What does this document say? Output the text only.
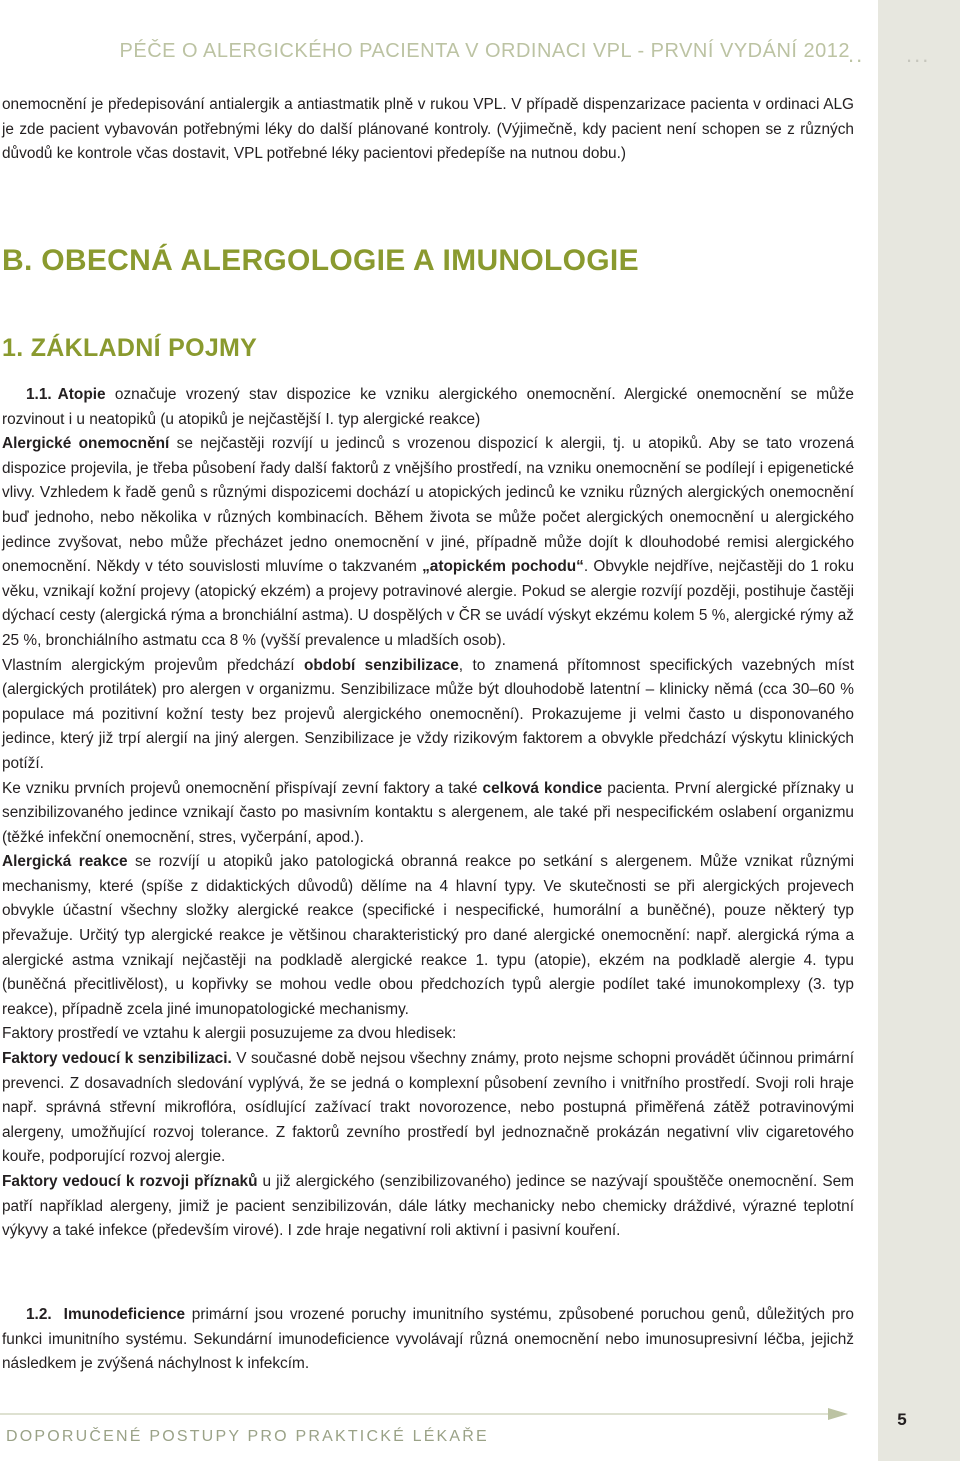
PÉČE O ALERGICKÉHO PACIENTA V ORDINACI VPL - PRVNÍ VYDÁNÍ 2012
.. ...

onemocnění je předepisování antialergik a antiastmatik plně v rukou VPL. V případě dispenzarizace pacienta v ordinaci ALG je zde pacient vybavován potřebnými léky do další plánované kontroly. (Výjimečně, kdy pacient není schopen se z různých důvodů ke kontrole včas dostavit, VPL potřebné léky pacientovi předepíše na nutnou dobu.)

B. OBECNÁ ALERGOLOGIE A IMUNOLOGIE
1. ZÁKLADNÍ POJMY

1.1. Atopie označuje vrozený stav dispozice ke vzniku alergického onemocnění. Alergické onemocnění se může rozvinout i u neatopiků (u atopiků je nejčastější I. typ alergické reakce)

Alergické onemocnění se nejčastěji rozvíjí u jedinců s vrozenou dispozicí k alergii, tj. u atopiků. Aby se tato vrozená dispozice projevila, je třeba působení řady další faktorů z vnějšího prostředí, na vzniku onemocnění se podílejí i epigenetické vlivy. Vzhledem k řadě genů s různými dispozicemi dochází u atopických jedinců ke vzniku různých alergických onemocnění buď jednoho, nebo několika v různých kombinacích. Během života se může počet alergických onemocnění u alergického jedince zvyšovat, nebo může přecházet jedno onemocnění v jiné, případně může dojít k dlouhodobé remisi alergického onemocnění. Někdy v této souvislosti mluvíme o takzvaném „atopickém pochodu“. Obvykle nejdříve, nejčastěji do 1 roku věku, vznikají kožní projevy (atopický ekzém) a projevy potravinové alergie. Pokud se alergie rozvíjí později, postihuje častěji dýchací cesty (alergická rýma a bronchiální astma). U dospělých v ČR se uvádí výskyt ekzému kolem 5 %, alergické rýmy až 25 %, bronchiálního astmatu cca 8 % (vyšší prevalence u mladších osob).

Vlastním alergickým projevům předchází období senzibilizace, to znamená přítomnost specifických vazebných míst (alergických protilátek) pro alergen v organizmu. Senzibilizace může být dlouhodobě latentní – klinicky němá (cca 30–60 % populace má pozitivní kožní testy bez projevů alergického onemocnění). Prokazujeme ji velmi často u disponovaného jedince, který již trpí alergií na jiný alergen. Senzibilizace je vždy rizikovým faktorem a obvykle předchází výskytu klinických potíží.

Ke vzniku prvních projevů onemocnění přispívají zevní faktory a také celková kondice pacienta. První alergické příznaky u senzibilizovaného jedince vznikají často po masivním kontaktu s alergenem, ale také při nespecifickém oslabení organizmu (těžké infekční onemocnění, stres, vyčerpání, apod.).

Alergická reakce se rozvíjí u atopiků jako patologická obranná reakce po setkání s alergenem. Může vznikat různými mechanismy, které (spíše z didaktických důvodů) dělíme na 4 hlavní typy. Ve skutečnosti se při alergických projevech obvykle účastní všechny složky alergické reakce (specifické i nespecifické, humorální a buněčné), pouze některý typ převažuje. Určitý typ alergické reakce je většinou charakteristický pro dané alergické onemocnění: např. alergická rýma a alergické astma vznikají nejčastěji na podkladě alergické reakce 1. typu (atopie), ekzém na podkladě alergie 4. typu (buněčná přecitlivělost), u kopřivky se mohou vedle obou předchozích typů alergie podílet také imunokomplexy (3. typ reakce), případně zcela jiné imunopatologické mechanismy.

Faktory prostředí ve vztahu k alergii posuzujeme za dvou hledisek:

Faktory vedoucí k senzibilizaci. V současné době nejsou všechny známy, proto nejsme schopni provádět účinnou primární prevenci. Z dosavadních sledování vyplývá, že se jedná o komplexní působení zevního i vnitřního prostředí. Svoji roli hraje např. správná střevní mikroflóra, osídlující zažívací trakt novorozence, nebo postupná přiměřená zátěž potravinovými alergeny, umožňující rozvoj tolerance. Z faktorů zevního prostředí byl jednoznačně prokázán negativní vliv cigaretového kouře, podporující rozvoj alergie.

Faktory vedoucí k rozvoji příznaků u již alergického (senzibilizovaného) jedince se nazývají spouštěče onemocnění. Sem patří například alergeny, jimiž je pacient senzibilizován, dále látky mechanicky nebo chemicky dráždivé, výrazné teplotní výkyvy a také infekce (především virové). I zde hraje negativní roli aktivní i pasivní kouření.

1.2. Imunodeficience primární jsou vrozené poruchy imunitního systému, způsobené poruchou genů, důležitých pro funkci imunitního systému. Sekundární imunodeficience vyvolávají různá onemocnění nebo imunosupresivní léčba, jejichž následkem je zvýšená náchylnost k infekcím.

DOPORUČENÉ POSTUPY PRO PRAKTICKÉ LÉKAŘE
5
